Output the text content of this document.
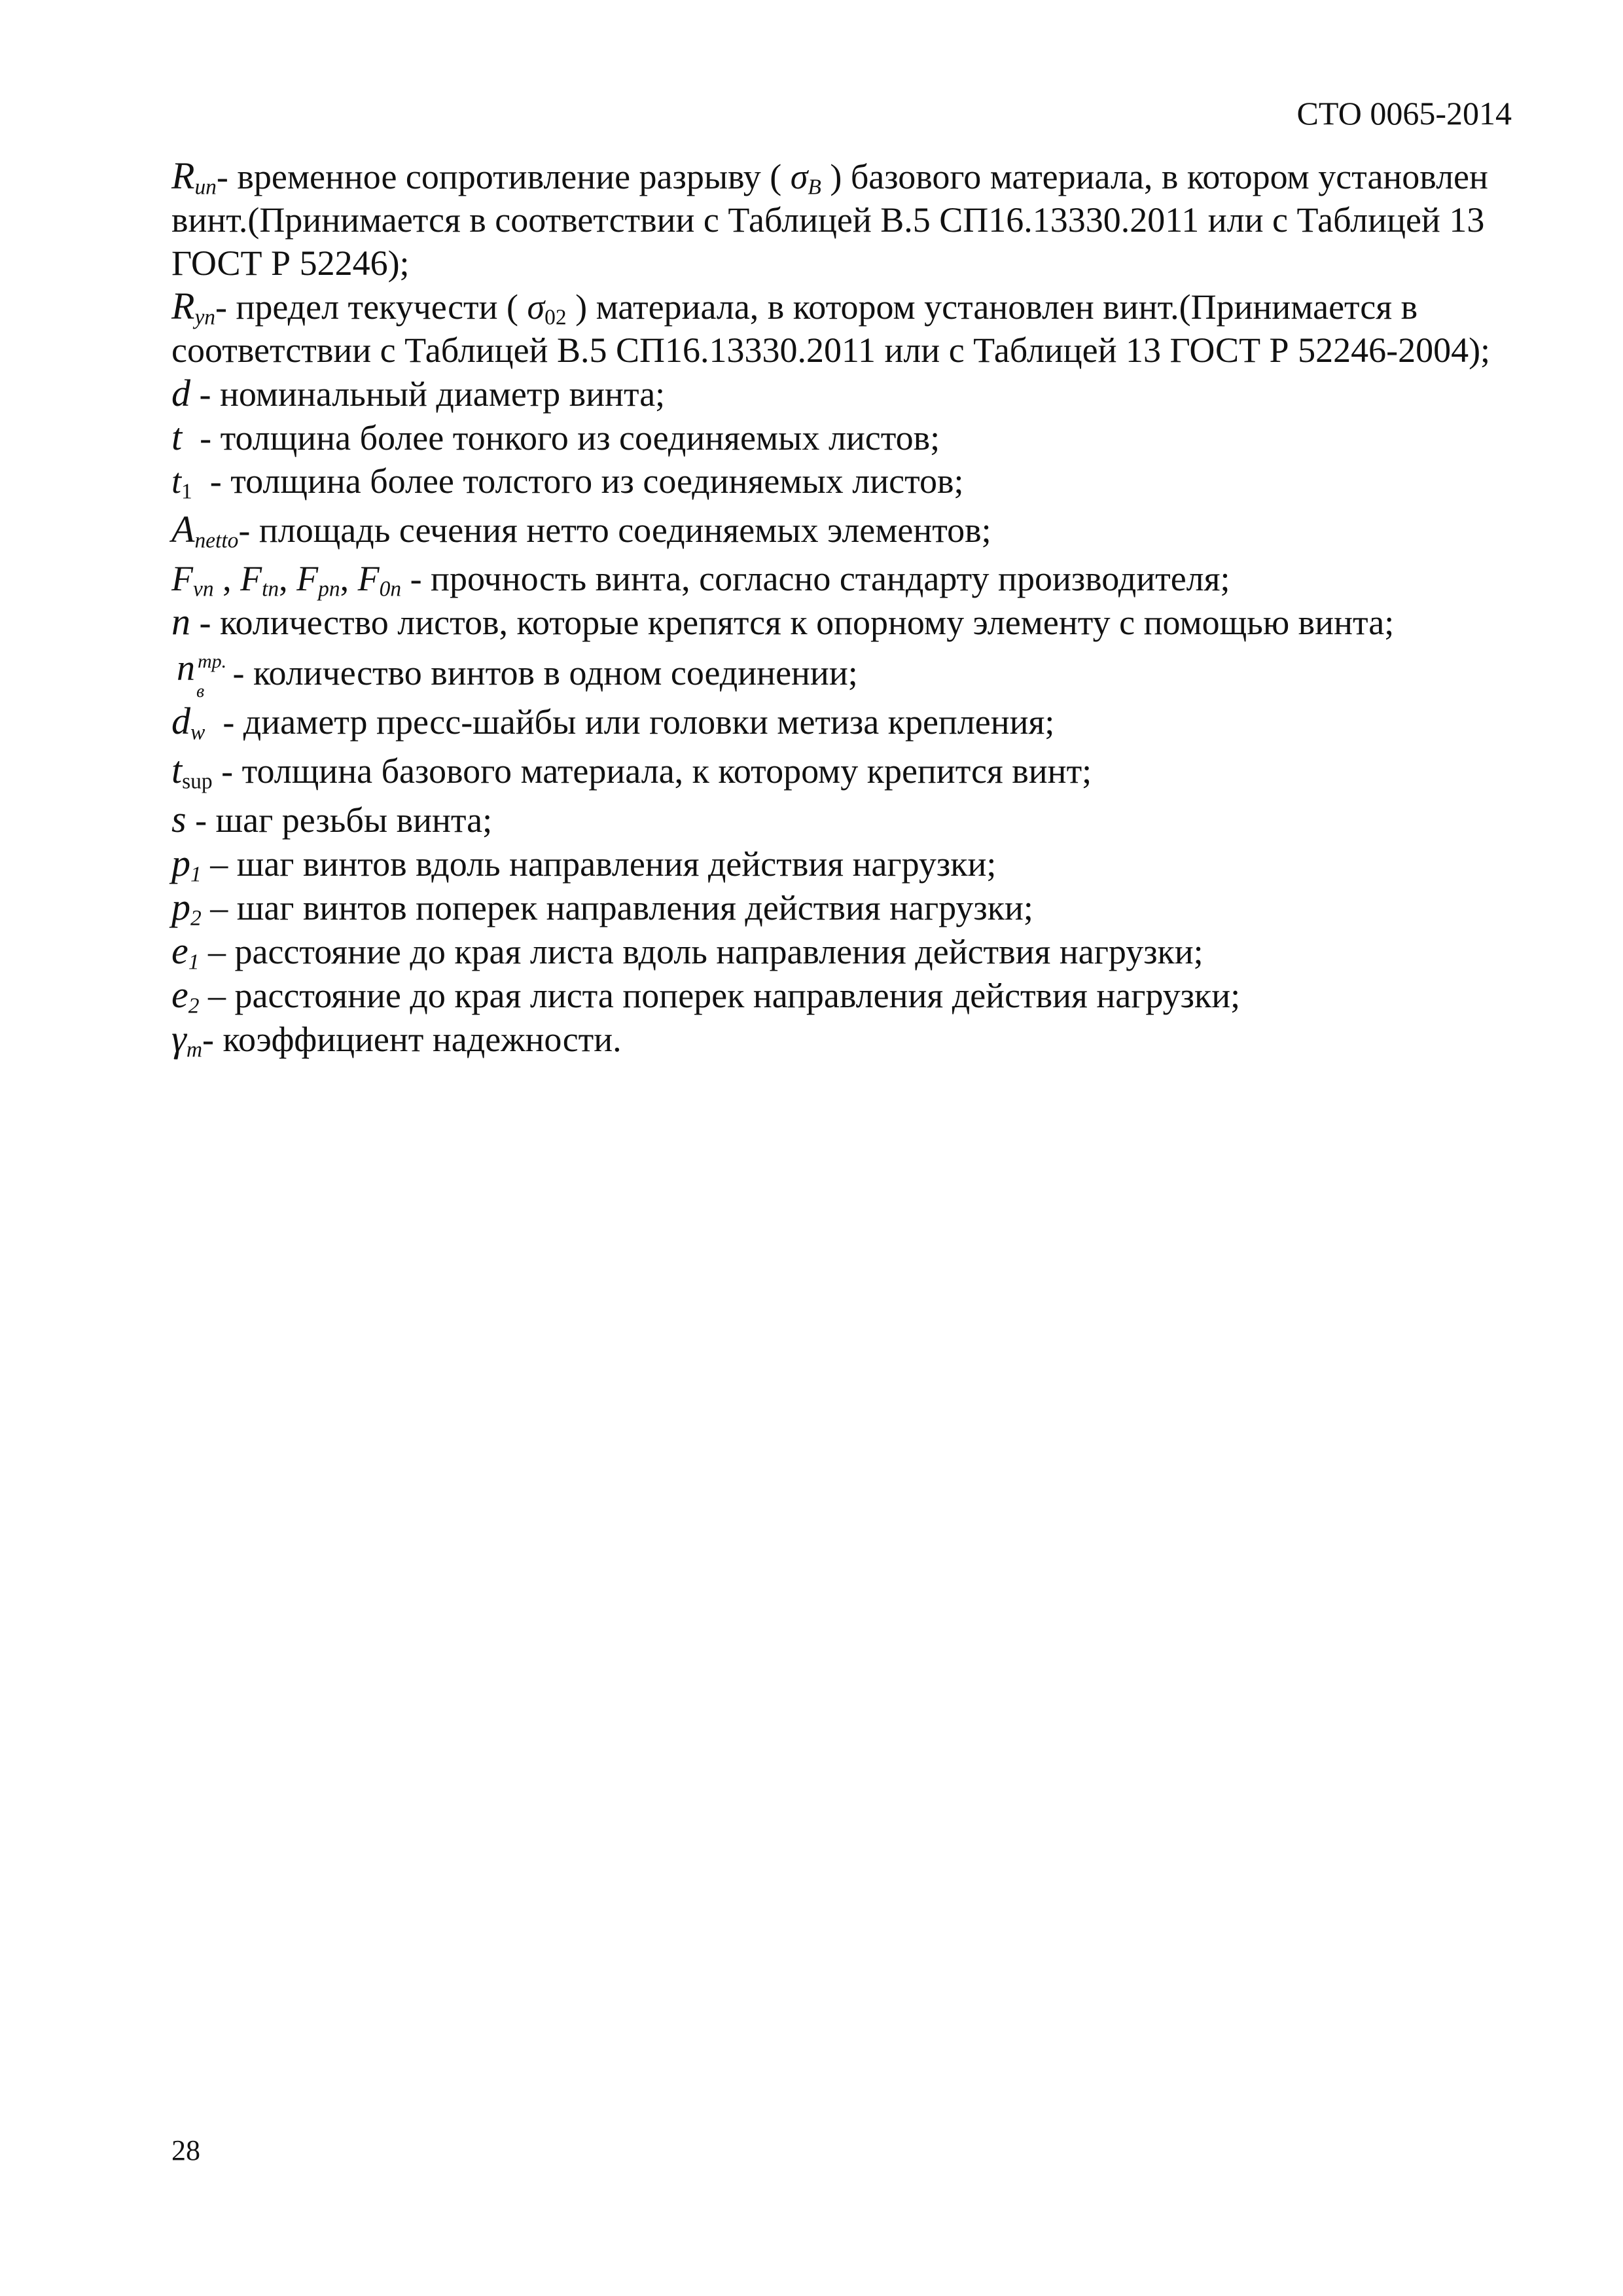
СТО 0065-2014

$R_{un}-$ временное сопротивление разрыву ( $\sigma_B$ ) базового материала, в котором установлен винт.(Принимается в соответствии с Таблицей В.5 СП16.13330.2011 или с Таблицей 13 ГОСТ Р 52246);

$R_{yn}-$ предел текучести ( $\sigma_{02}$ ) материала, в котором установлен винт.(Принимается в соответствии с Таблицей В.5 СП16.13330.2011 или с Таблицей 13 ГОСТ Р 52246-2004);

d - номинальный диаметр винта;

t  - толщина более тонкого из соединяемых листов;

$t_1$  - толщина более толстого из соединяемых листов;

$A_{netto}-$ площадь сечения нетто соединяемых элементов;

$F_{vn}$ , $F_{tn}$, $F_{pn}$, $F_{0n}$ - прочность винта, согласно стандарту производителя;

n - количество листов, которые крепятся к опорному элементу с помощью винта;

n тр.
в - количество винтов в одном соединении;

$d_w$  - диаметр пресс-шайбы или головки метиза крепления;

$t_{sup}$ - толщина базового материала, к которому крепится винт;

s - шаг резьбы винта;

$p_1$ – шаг винтов вдоль направления действия нагрузки;

$p_2$ – шаг винтов поперек направления действия нагрузки;

$e_1$ – расстояние до края листа вдоль направления действия нагрузки;

$e_2$ – расстояние до края листа поперек направления действия нагрузки;

$\gamma_m-$ коэффициент надежности.

28
